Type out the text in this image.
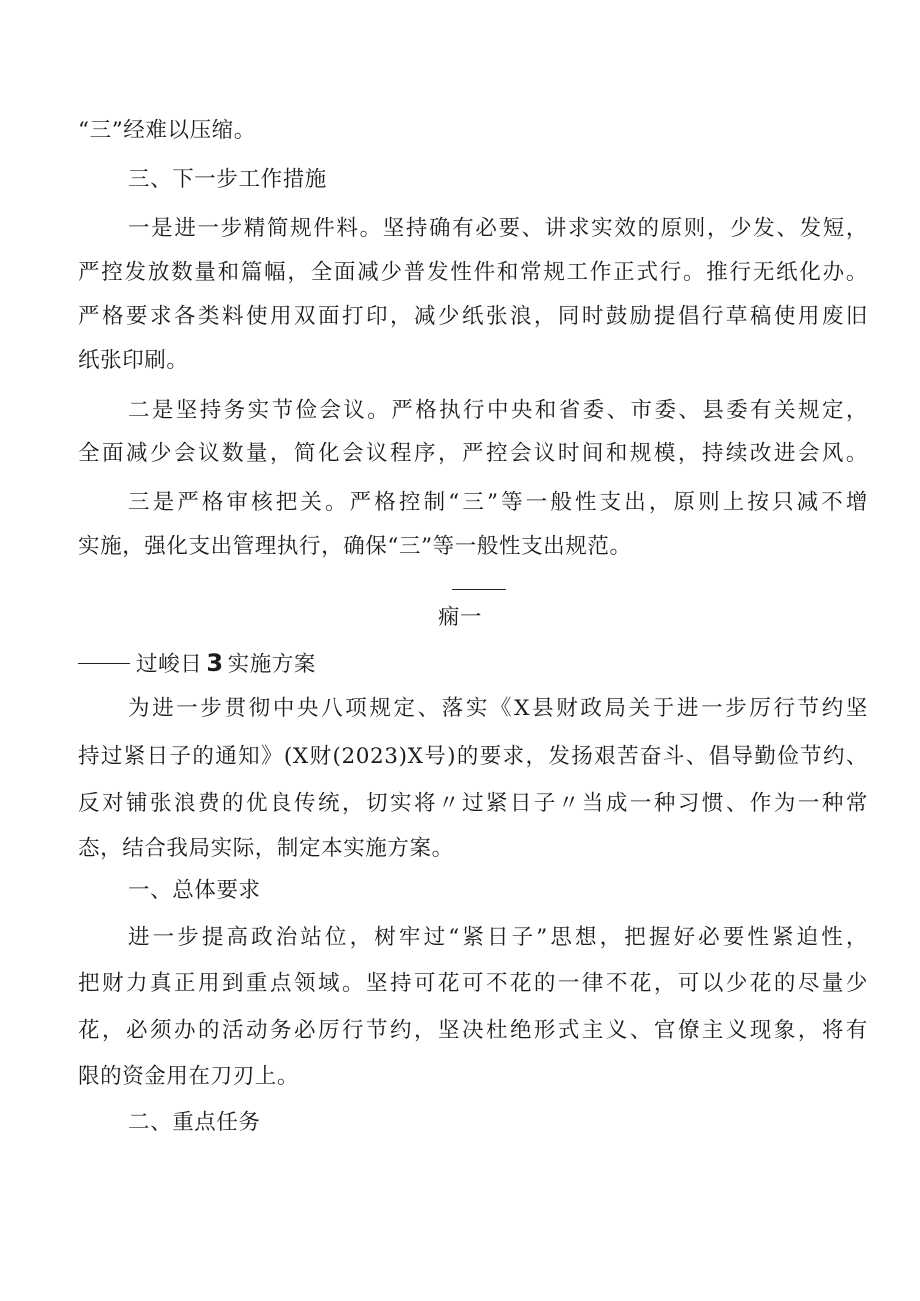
“三”经难以压缩。
三、下一步工作措施
一是进一步精简规件料。坚持确有必要、讲求实效的原则，少发、发短，
严控发放数量和篇幅，全面减少普发性件和常规工作正式行。推行无纸化办。
严格要求各类料使用双面打印，减少纸张浪，同时鼓励提倡行草稿使用废旧
纸张印刷。
二是坚持务实节俭会议。严格执行中央和省委、市委、县委有关规定，
全面减少会议数量，简化会议程序，严控会议时间和规模，持续改进会风。
三是严格审核把关。严格控制“三”等一般性支出，原则上按只减不增
实施，强化支出管理执行，确保“三”等一般性支出规范。
痫一
过峻日 3 实施方案
为进一步贯彻中央八项规定、落实《X县财政局关于进一步厉行节约坚
持过紧日子的通知》(X财(2023)X号)的要求，发扬艰苦奋斗、倡导勤俭节约、
反对铺张浪费的优良传统，切实将〃过紧日子〃当成一种习惯、作为一种常
态，结合我局实际，制定本实施方案。
一、总体要求
进一步提高政治站位，树牢过“紧日子”思想，把握好必要性紧迫性，
把财力真正用到重点领域。坚持可花可不花的一律不花，可以少花的尽量少
花，必须办的活动务必厉行节约，坚决杜绝形式主义、官僚主义现象，将有
限的资金用在刀刃上。
二、重点任务
